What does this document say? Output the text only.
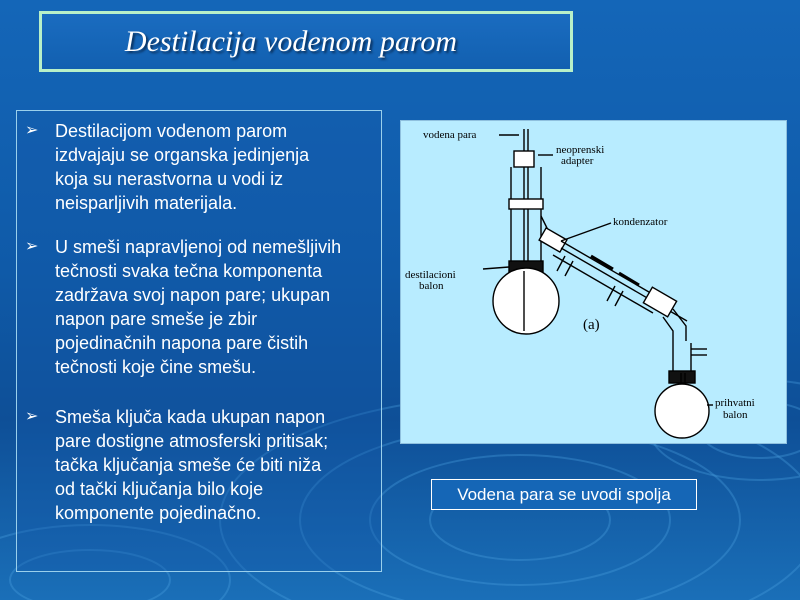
Destilacija vodenom parom
➢ Destilacijom vodenom parom
izdvajaju se organska jedinjenja
koja su nerastvorna u vodi iz
neisparljivih materijala.
➢ U smeši napravljenoj od nemešljivih
tečnosti svaka tečna komponenta
zadržava svoj napon pare; ukupan
napon pare smeše je zbir
pojedinačnih napona pare čistih
tečnosti koje čine smešu.
➢ Smeša ključa kada ukupan napon
pare dostigne atmosferski pritisak;
tačka ključanja smeše će biti niža
od tački ključanja bilo koje
komponente pojedinačno.
vodena para
neoprenski
adapter
kondenzator
destilacioni
balon
(a)
prihvatni
balon
Vodena para se uvodi spolja
